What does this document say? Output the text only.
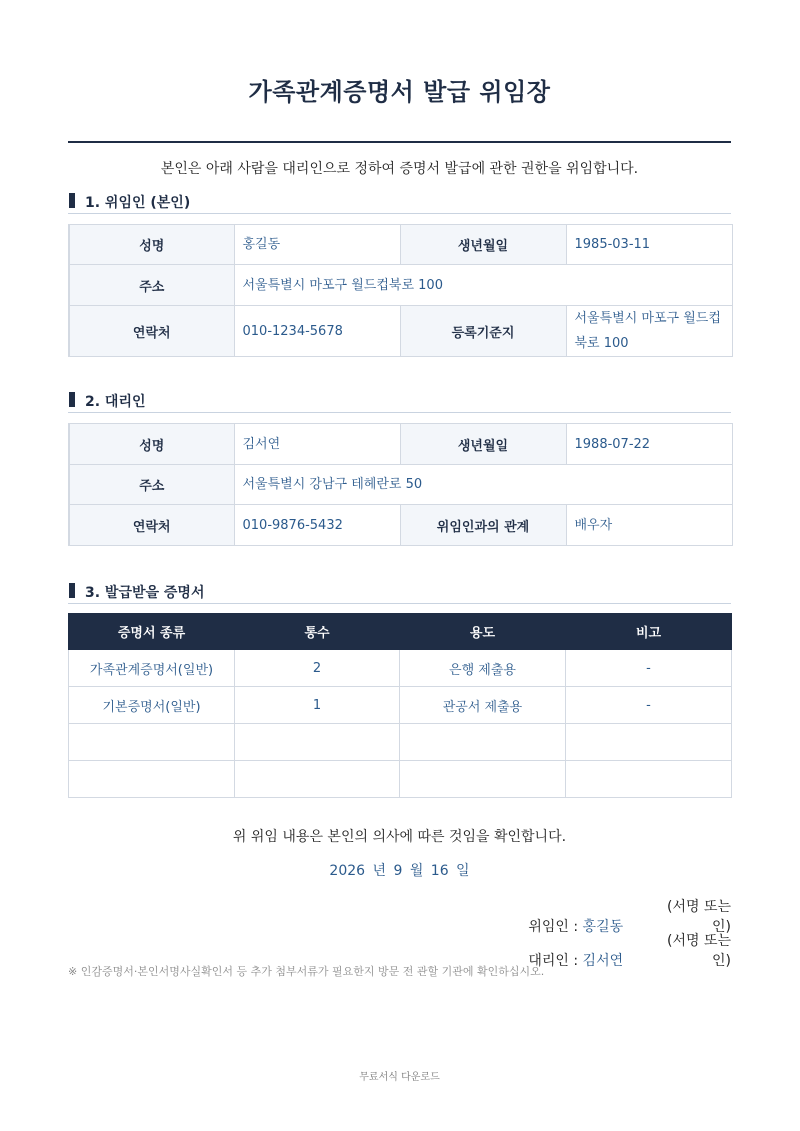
가족관계증명서 발급 위임장
본인은 아래 사람을 대리인으로 정하여 증명서 발급에 관한 권한을 위임합니다.
1. 위임인 (본인)
성명	홍길동	생년월일	1985-03-11
주소	서울특별시 마포구 월드컵북로 100		
연락처	010-1234-5678	등록기준지	서울특별시 마포구 월드컵북로 100
2. 대리인
성명	김서연	생년월일	1988-07-22
주소	서울특별시 강남구 테헤란로 50		
연락처	010-9876-5432	위임인과의 관계	배우자
3. 발급받을 증명서
증명서 종류	통수	용도	비고
가족관계증명서(일반)	2	은행 제출용	-
기본증명서(일반)	1	관공서 제출용	-

위 위임 내용은 본인의 의사에 따른 것임을 확인합니다.
2026 년 9 월 16 일
위임인 : 홍길동 (서명 또는 인)
대리인 : 김서연 (서명 또는 인)
※ 인감증명서·본인서명사실확인서 등 추가 첨부서류가 필요한지 방문 전 관할 기관에 확인하십시오.
무료서식 다운로드
